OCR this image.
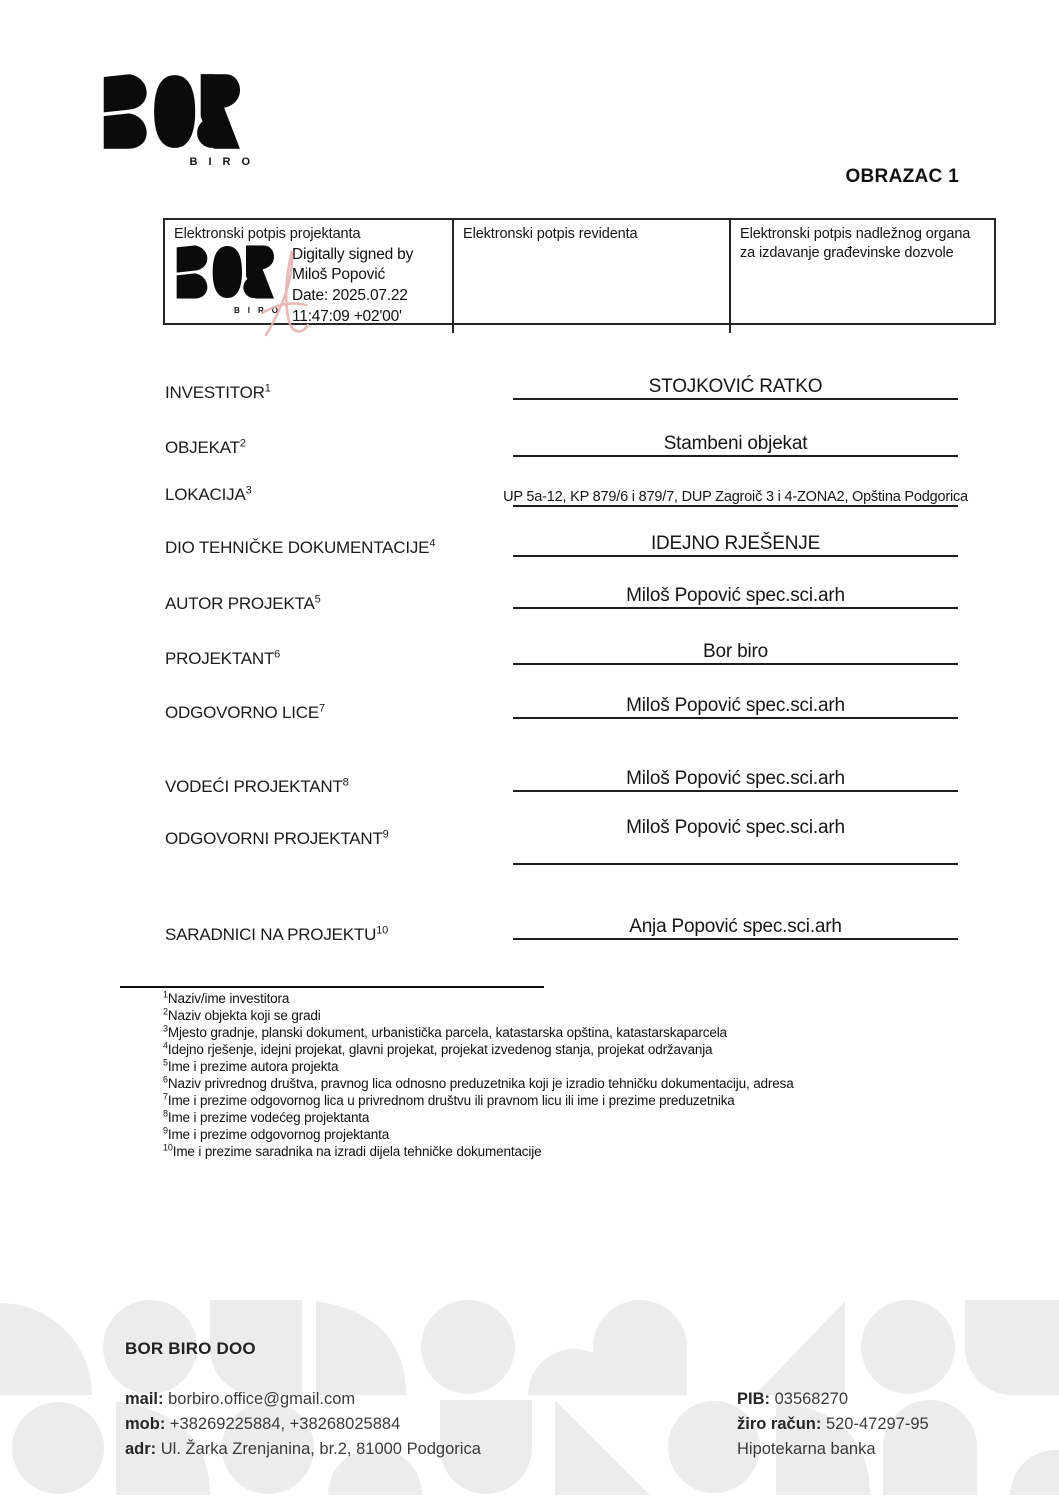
BIRO
OBRAZAC 1
Elektronski potpis projektanta
BIRO
Digitally signed by
Miloš Popović
Date: 2025.07.22
11:47:09 +02'00'
Elektronski potpis revidenta	Elektronski potpis nadležnog organa za izdavanje građevinske dozvole
INVESTITOR$^1$	STOJKOVIĆ RATKO
OBJEKAT$^2$	Stambeni objekat
LOKACIJA$^3$	UP 5a-12, KP 879/6 i 879/7, DUP Zagroič 3 i 4-ZONA2, Opština Podgorica
DIO TEHNIČKE DOKUMENTACIJE$^4$	IDEJNO RJEŠENJE
AUTOR PROJEKTA$^5$	Miloš Popović spec.sci.arh
PROJEKTANT$^6$	Bor biro
ODGOVORNO LICE$^7$	Miloš Popović spec.sci.arh
VODEĆI PROJEKTANT$^8$	Miloš Popović spec.sci.arh
ODGOVORNI PROJEKTANT$^9$	Miloš Popović spec.sci.arh
SARADNICI NA PROJEKTU$^{10}$	Anja Popović spec.sci.arh
$^1$Naziv/ime investitora
$^2$Naziv objekta koji se gradi
$^3$Mjesto gradnje, planski dokument, urbanistička parcela, katastarska opština, katastarskaparcela
$^4$Idejno rješenje, idejni projekat, glavni projekat, projekat izvedenog stanja, projekat održavanja
$^5$Ime i prezime autora projekta
$^6$Naziv privrednog društva, pravnog lica odnosno preduzetnika koji je izradio tehničku dokumentaciju, adresa
$^7$Ime i prezime odgovornog lica u privrednom društvu ili pravnom licu ili ime i prezime preduzetnika
$^8$Ime i prezime vodećeg projektanta
$^9$Ime i prezime odgovornog projektanta
$^{10}$Ime i prezime saradnika na izradi dijela tehničke dokumentacije
BOR BIRO DOO
mail: borbiro.office@gmail.com
mob: +38269225884, +38268025884
adr: Ul. Žarka Zrenjanina, br.2, 81000 Podgorica
PIB: 03568270
žiro račun: 520-47297-95
Hipotekarna banka
